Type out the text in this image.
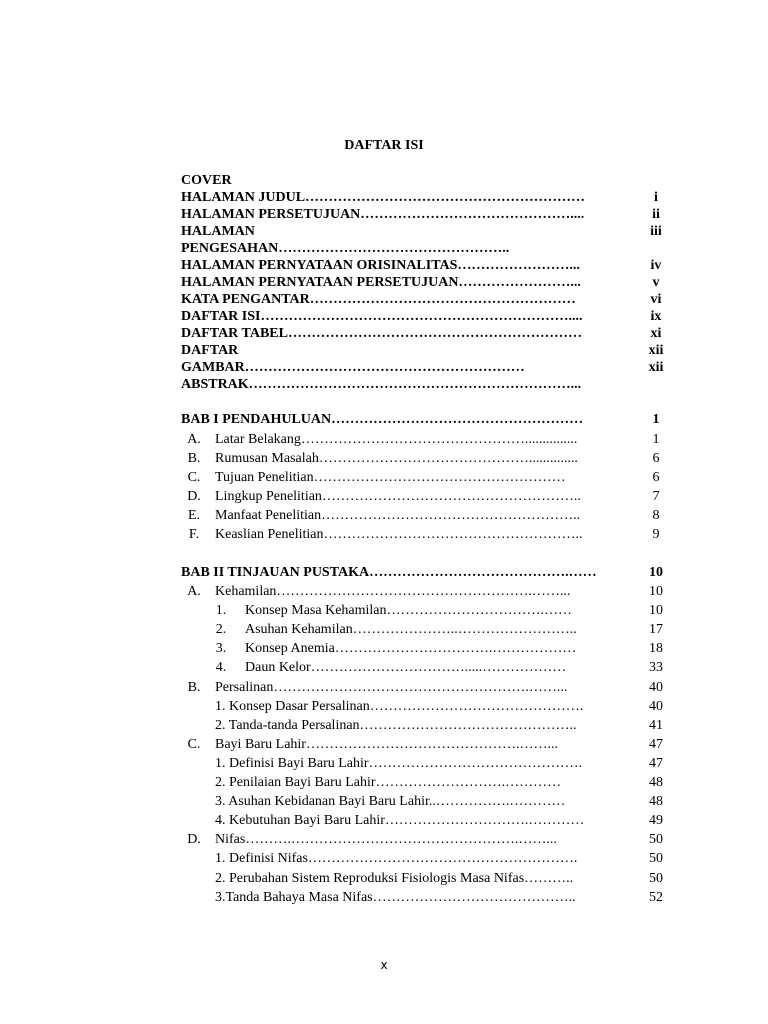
DAFTAR ISI
COVER
HALAMAN JUDUL……………………………………………………	i
HALAMAN PERSETUJUAN………………………………………....	ii
HALAMAN	iii
PENGESAHAN…………………………………………..
HALAMAN PERNYATAAN ORISINALITAS……………………...	iv
HALAMAN PERNYATAAN PERSETUJUAN……………………...	v
KATA PENGANTAR…………………………………………………	vi
DAFTAR ISI…………………………………………………………....	ix
DAFTAR TABEL………………………………………………………	xi
DAFTAR	xii
GAMBAR……………………………………………………	xii
ABSTRAK……………………………………………………………...
BAB I PENDAHULUAN………………………………………………	1
A. Latar Belakang…………………………………………...............	1
B. Rumusan Masalah………………………………………..............	6
C. Tujuan Penelitian………………………………………………	6
D. Lingkup Penelitian………………………………………………..	7
E. Manfaat Penelitian………………………………………………..	8
F.	Keaslian Penelitian………………………………………………..	9
BAB II TINJAUAN PUSTAKA…………………………………….……	10
A. Kehamilan……………………………………………….……...	10
1.	Konsep Masa Kehamilan…………………………….……	10
2.	Asuhan Kehamilan…………………..……………………..	17
3.	Konsep Anemia…………………………….………………	18
4.	Daun Kelor…………………………….....………………	33
B. Persalinan……………………………………………….……...	40
1. Konsep Dasar Persalinan……………………………………….	40
2. Tanda-tanda Persalinan………………………………………..	41
C. Bayi Baru Lahir……………………………………….……...	47
1. Definisi Bayi Baru Lahir……………………………………….	47
2. Penilaian Bayi Baru Lahir……………………….…………	48
3. Asuhan Kebidanan Bayi Baru Lahir..…………….…………	48
4. Kebutuhan Bayi Baru Lahir………………………….…………	49
D. Nifas……….………………………………………….……...	50
1. Definisi Nifas………………………………………………….	50
2. Perubahan Sistem Reproduksi Fisiologis Masa Nifas………..	50
3.Tanda Bahaya Masa Nifas……………………………………..	52
x
